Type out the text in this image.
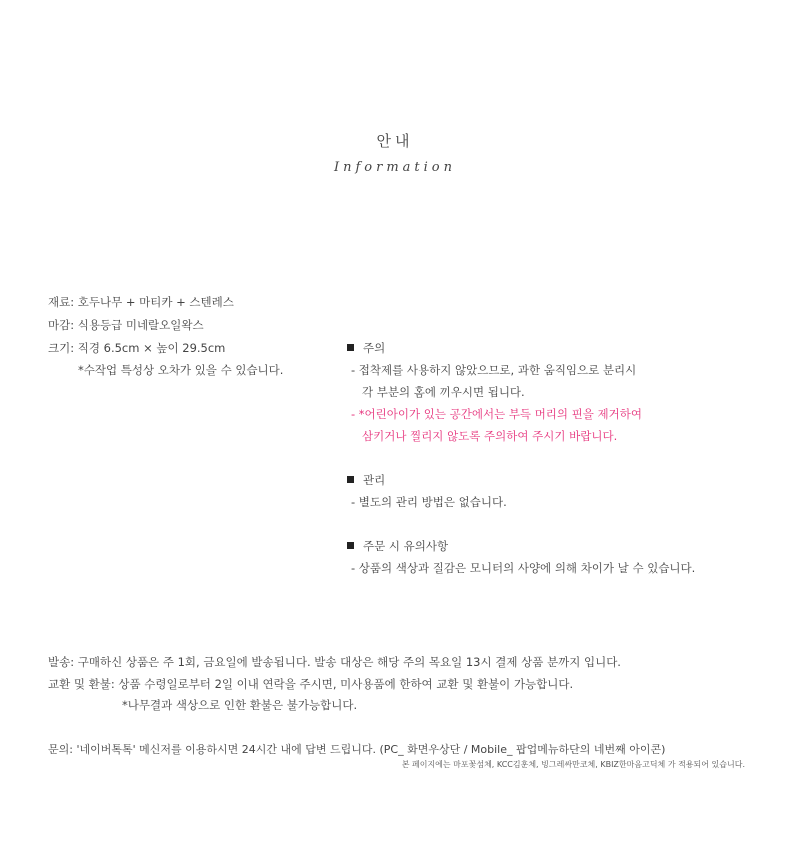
안내
Information
재료: 호두나무 + 마티카 + 스텐레스
마감: 식용등급 미네랄오일왁스
크기: 직경 6.5cm × 높이 29.5cm
*수작업 특성상 오차가 있을 수 있습니다.
주의
- 접착제를 사용하지 않았으므로, 과한 움직임으로 분리시
각 부분의 홈에 끼우시면 됩니다.
- *어린아이가 있는 공간에서는 부득 머리의 핀을 제거하여
삼키거나 찔리지 않도록 주의하여 주시기 바랍니다.
관리
- 별도의 관리 방법은 없습니다.
주문 시 유의사항
- 상품의 색상과 질감은 모니터의 사양에 의해 차이가 날 수 있습니다.
발송: 구매하신 상품은 주 1회, 금요일에 발송됩니다. 발송 대상은 해당 주의 목요일 13시 결제 상품 분까지 입니다.
교환 및 환불: 상품 수령일로부터 2일 이내 연락을 주시면, 미사용품에 한하여 교환 및 환불이 가능합니다.
*나무결과 색상으로 인한 환불은 불가능합니다.
문의: '네이버톡톡' 메신저를 이용하시면 24시간 내에 답변 드립니다. (PC_ 화면우상단 / Mobile_ 팝업메뉴하단의 네번째 아이콘)
본 페이지에는 마포꽃섬체, KCC김훈체, 빙그레싸만코체, KBIZ한마음고딕체 가 적용되어 있습니다.
